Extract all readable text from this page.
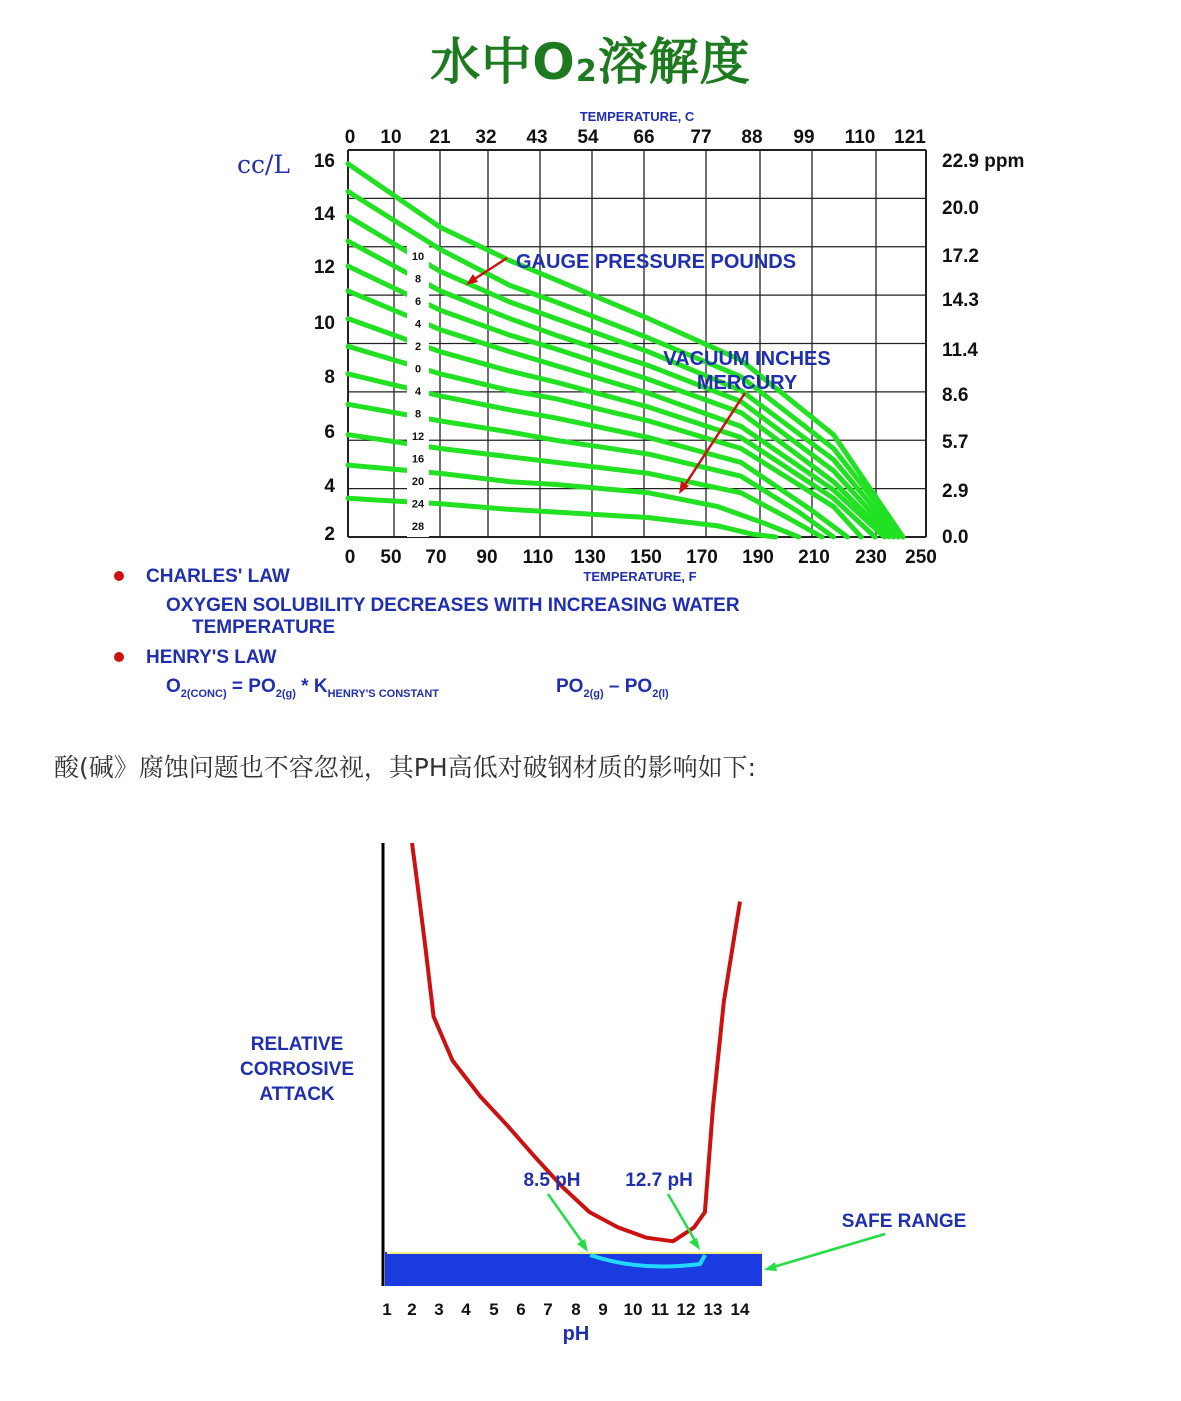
水中$O_2$溶解度
10
8
6
4
2
0
4
8
12
16
20
24
28
TEMPERATURE, C
0 10 21 32 43 54 66 77 88 99 110 121
0 50 70 90 110 130 150 170 190 210 230 250
TEMPERATURE, F
16
14
12
10
8
6
4
2
cc/L	22.9 ppm
20.0
17.2
14.3
11.4
8.6
5.7
2.9
0.0
GAUGE PRESSURE POUNDS
VACUUM INCHES
MERCURY
CHARLES' LAW
OXYGEN SOLUBILITY DECREASES WITH INCREASING WATER
TEMPERATURE
HENRY'S LAW
$O_{2(CONC)} = PO_{2(g)} * K_{HENRY'S CONSTANT}$	$PO_{2(g)} - PO_{2(l)}$
酸(碱》腐蚀问题也不容忽视，其PH高低对破钢材质的影响如下:
RELATIVE
CORROSIVE
ATTACK
1 2 3 4 5 6 7 8 9 10 11 12 13 14
pH
8.5 pH 12.7 pH
SAFE RANGE
